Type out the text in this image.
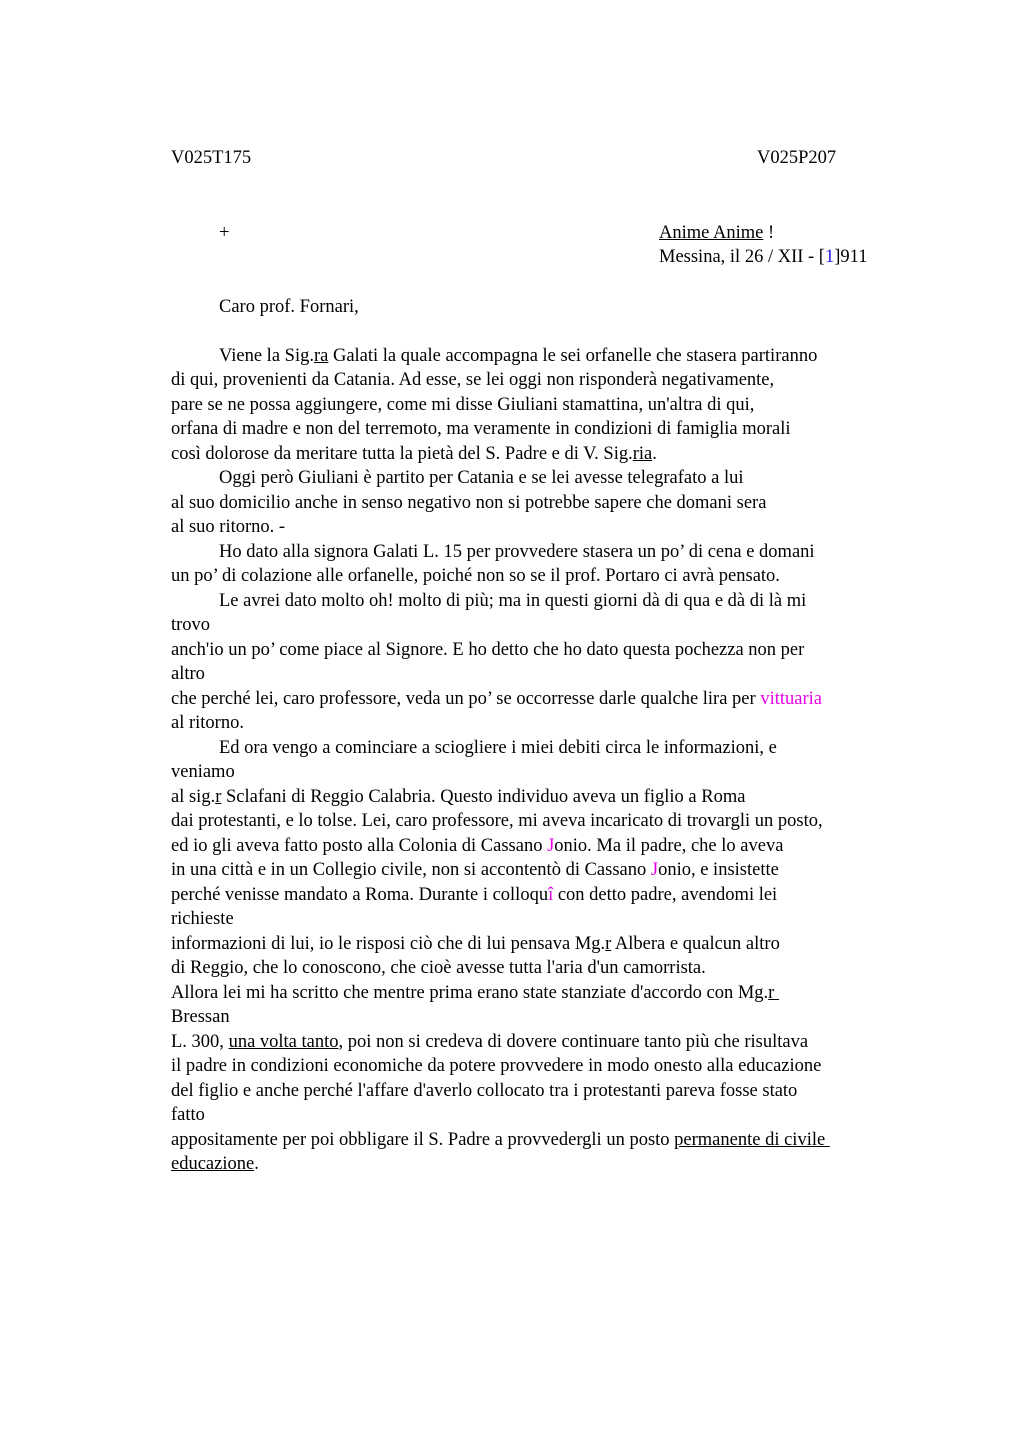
V025T175	V025P207
+	Anime Anime !
Messina, il 26 / XII - [1]911
Caro prof. Fornari,
Viene la Sig.ra Galati la quale accompagna le sei orfanelle che stasera partiranno
di qui, provenienti da Catania. Ad esse, se lei oggi non risponderà negativamente,
pare se ne possa aggiungere, come mi disse Giuliani stamattina, un'altra di qui,
orfana di madre e non del terremoto, ma veramente in condizioni di famiglia morali
così dolorose da meritare tutta la pietà del S. Padre e di V. Sig.ria.
Oggi però Giuliani è partito per Catania e se lei avesse telegrafato a lui
al suo domicilio anche in senso negativo non si potrebbe sapere che domani sera
al suo ritorno. -
Ho dato alla signora Galati L. 15 per provvedere stasera un po’ di cena e domani
un po’ di colazione alle orfanelle, poiché non so se il prof. Portaro ci avrà pensato.
Le avrei dato molto oh! molto di più; ma in questi giorni dà di qua e dà di là mi
trovo
anch'io un po’ come piace al Signore. E ho detto che ho dato questa pochezza non per
altro
che perché lei, caro professore, veda un po’ se occorresse darle qualche lira per vittuaria
al ritorno.
Ed ora vengo a cominciare a sciogliere i miei debiti circa le informazioni, e
veniamo
al sig.r Sclafani di Reggio Calabria. Questo individuo aveva un figlio a Roma
dai protestanti, e lo tolse. Lei, caro professore, mi aveva incaricato di trovargli un posto,
ed io gli aveva fatto posto alla Colonia di Cassano Jonio. Ma il padre, che lo aveva
in una città e in un Collegio civile, non si accontentò di Cassano Jonio, e insistette
perché venisse mandato a Roma. Durante i colloquî con detto padre, avendomi lei
richieste
informazioni di lui, io le risposi ciò che di lui pensava Mg.r Albera e qualcun altro
di Reggio, che lo conoscono, che cioè avesse tutta l'aria d'un camorrista.
Allora lei mi ha scritto che mentre prima erano state stanziate d'accordo con Mg.r
Bressan
L. 300, una volta tanto, poi non si credeva di dovere continuare tanto più che risultava
il padre in condizioni economiche da potere provvedere in modo onesto alla educazione
del figlio e anche perché l'affare d'averlo collocato tra i protestanti pareva fosse stato
fatto
appositamente per poi obbligare il S. Padre a provvedergli un posto permanente di civile
educazione.
